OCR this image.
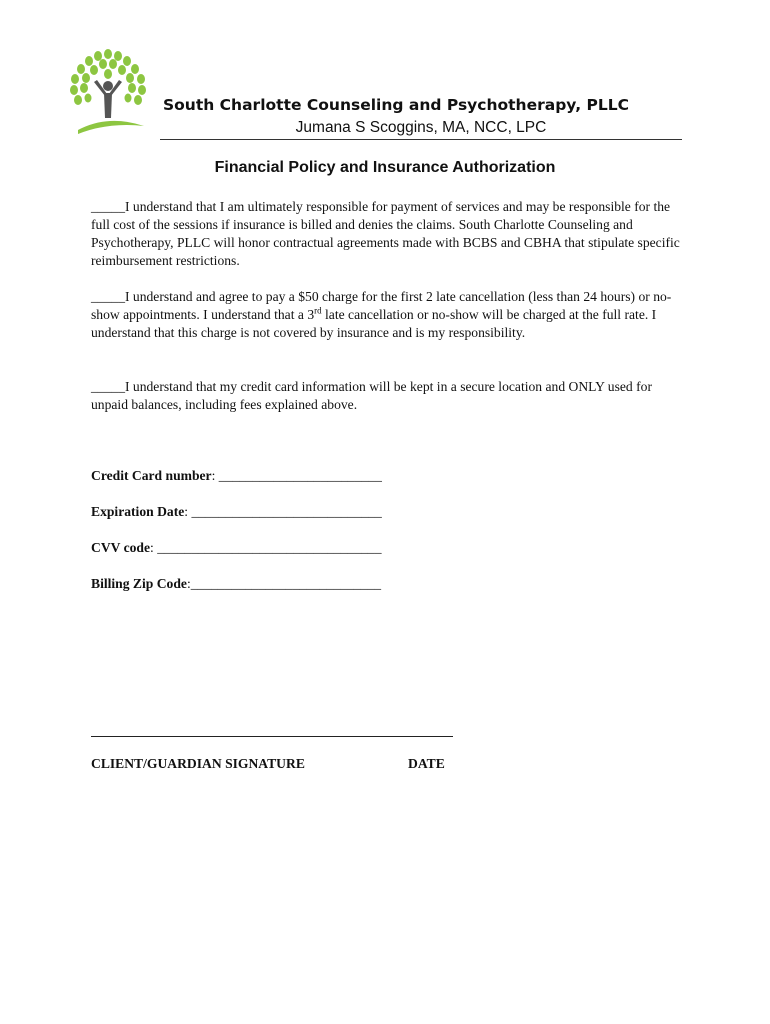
South Charlotte Counseling and Psychotherapy, PLLC
Jumana S Scoggins, MA, NCC, LPC
Financial Policy and Insurance Authorization
_____I understand that I am ultimately responsible for payment of services and may be responsible for the full cost of the sessions if insurance is billed and denies the claims. South Charlotte Counseling and Psychotherapy, PLLC will honor contractual agreements made with BCBS and CBHA that stipulate specific reimbursement restrictions.
_____I understand and agree to pay a $50 charge for the first 2 late cancellation (less than 24 hours) or no-show appointments. I understand that a 3rd late cancellation or no-show will be charged at the full rate. I understand that this charge is not covered by insurance and is my responsibility.
_____I understand that my credit card information will be kept in a secure location and ONLY used for unpaid balances, including fees explained above.
Credit Card number: ________________________
Expiration Date: ____________________________
CVV code: _________________________________
Billing Zip Code:____________________________
CLIENT/GUARDIAN SIGNATURE	DATE
